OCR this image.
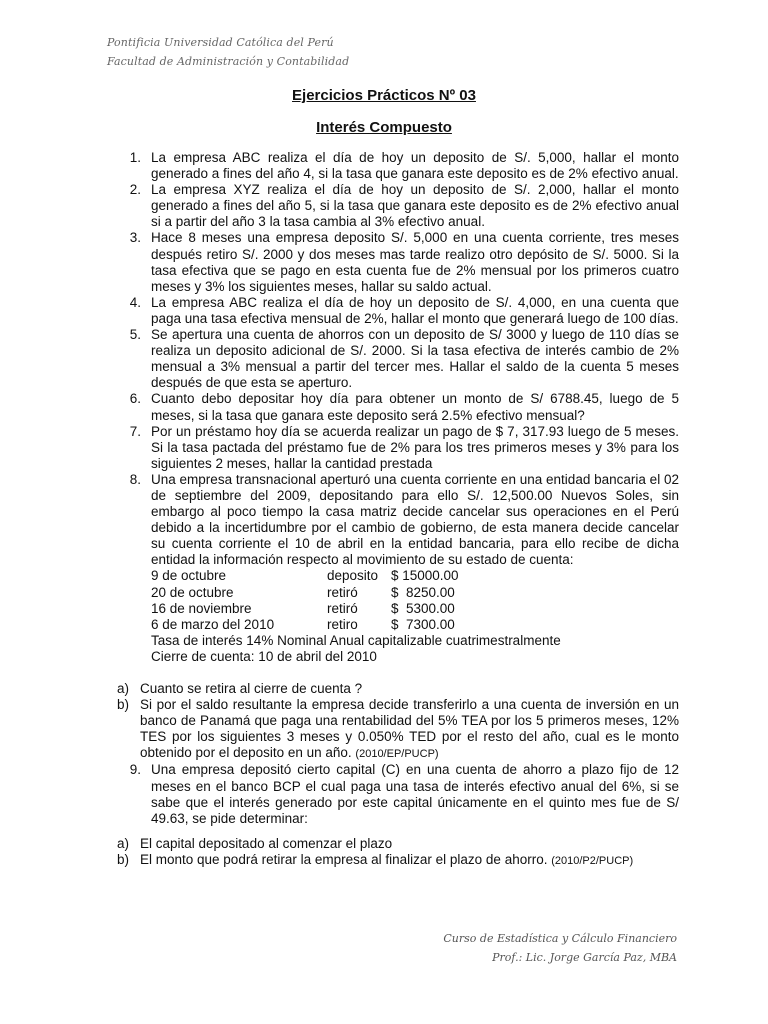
Pontificia Universidad Católica del Perú
Facultad de Administración y Contabilidad
Ejercicios Prácticos Nº 03
Interés Compuesto
1. La empresa ABC realiza el día de hoy un deposito de S/. 5,000, hallar el monto generado a fines del año 4, si la tasa que ganara este deposito es de 2% efectivo anual.
2. La empresa XYZ realiza el día de hoy un deposito de S/. 2,000, hallar el monto generado a fines del año 5, si la tasa que ganara este deposito es de 2% efectivo anual si a partir del año 3 la tasa cambia al 3% efectivo anual.
3. Hace 8 meses una empresa deposito S/. 5,000 en una cuenta corriente, tres meses después retiro S/. 2000 y dos meses mas tarde realizo otro depósito de S/. 5000. Si la tasa efectiva que se pago en esta cuenta fue de 2% mensual por los primeros cuatro meses y 3% los siguientes meses, hallar su saldo actual.
4. La empresa ABC realiza el día de hoy un deposito de S/. 4,000, en una cuenta que paga una tasa efectiva mensual de 2%, hallar el monto que generará luego de 100 días.
5. Se apertura una cuenta de ahorros con un deposito de S/ 3000 y luego de 110 días se realiza un deposito adicional de S/. 2000. Si la tasa efectiva de interés cambio de 2% mensual a 3% mensual a partir del tercer mes. Hallar el saldo de la cuenta 5 meses después de que esta se aperturo.
6. Cuanto debo depositar hoy día para obtener un monto de S/ 6788.45, luego de 5 meses, si la tasa que ganara este deposito será 2.5% efectivo mensual?
7. Por un préstamo hoy día se acuerda realizar un pago de $ 7, 317.93 luego de 5 meses. Si la tasa pactada del préstamo fue de 2% para los tres primeros meses y 3% para los siguientes 2 meses, hallar la cantidad prestada
8. Una empresa transnacional aperturó una cuenta corriente en una entidad bancaria el 02 de septiembre del 2009, depositando para ello S/. 12,500.00 Nuevos Soles, sin embargo al poco tiempo la casa matriz decide cancelar sus operaciones en el Perú debido a la incertidumbre por el cambio de gobierno, de esta manera decide cancelar su cuenta corriente el 10 de abril en la entidad bancaria, para ello recibe de dicha entidad la información respecto al movimiento de su estado de cuenta:
9 de octubre	deposito $ 15000.00
20 de octubre	retiró	$  8250.00
16 de noviembre	retiró	$  5300.00
6 de marzo del 2010	retiro	$  7300.00
Tasa de interés 14% Nominal Anual capitalizable cuatrimestralmente
Cierre de cuenta: 10 de abril del 2010
a) Cuanto se retira al cierre de cuenta ?
b) Si por el saldo resultante la empresa decide transferirlo a una cuenta de inversión en un banco de Panamá que paga una rentabilidad del 5% TEA por los 5 primeros meses, 12% TES por los siguientes 3 meses y 0.050% TED por el resto del año, cual es le monto obtenido por el deposito en un año. (2010/EP/PUCP)
9. Una empresa depositó cierto capital (C) en una cuenta de ahorro a plazo fijo de 12 meses en el banco BCP el cual paga una tasa de interés efectivo anual del 6%, si se sabe que el interés generado por este capital únicamente en el quinto mes fue de S/ 49.63, se pide determinar:
a) El capital depositado al comenzar el plazo
b) El monto que podrá retirar la empresa al finalizar el plazo de ahorro. (2010/P2/PUCP)
Curso de Estadística y Cálculo Financiero
Prof.: Lic. Jorge García Paz, MBA
